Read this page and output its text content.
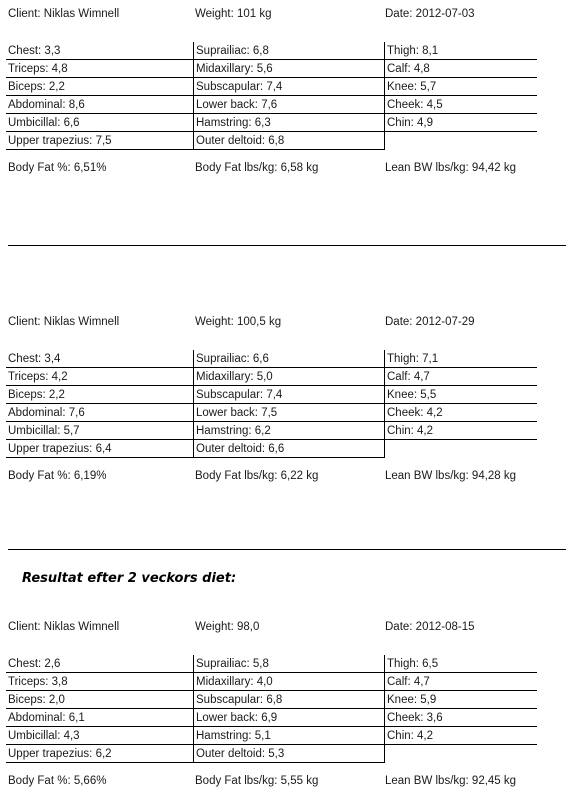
Client: Niklas Wimnell	Weight: 101 kg	Date: 2012-07-03
Chest: 3,3	Suprailiac: 6,8	Thigh: 8,1
Triceps: 4,8	Midaxillary: 5,6	Calf: 4,8
Biceps: 2,2	Subscapular: 7,4	Knee: 5,7
Abdominal: 8,6	Lower back: 7,6	Cheek: 4,5
Umbicillal: 6,6	Hamstring: 6,3	Chin: 4,9
Upper trapezius: 7,5	Outer deltoid: 6,8	
Body Fat %: 6,51%	Body Fat lbs/kg: 6,58 kg	Lean BW lbs/kg: 94,42 kg
Client: Niklas Wimnell	Weight: 100,5 kg	Date: 2012-07-29
Chest: 3,4	Suprailiac: 6,6	Thigh: 7,1
Triceps: 4,2	Midaxillary: 5,0	Calf: 4,7
Biceps: 2,2	Subscapular: 7,4	Knee: 5,5
Abdominal: 7,6	Lower back: 7,5	Cheek: 4,2
Umbicillal: 5,7	Hamstring: 6,2	Chin: 4,2
Upper trapezius: 6,4	Outer deltoid: 6,6	
Body Fat %: 6,19%	Body Fat lbs/kg: 6,22 kg	Lean BW lbs/kg: 94,28 kg
Resultat efter 2 veckors diet:
Client: Niklas Wimnell	Weight: 98,0	Date: 2012-08-15
Chest: 2,6	Suprailiac: 5,8	Thigh: 6,5
Triceps: 3,8	Midaxillary: 4,0	Calf: 4,7
Biceps: 2,0	Subscapular: 6,8	Knee: 5,9
Abdominal: 6,1	Lower back: 6,9	Cheek: 3,6
Umbicillal: 4,3	Hamstring: 5,1	Chin: 4,2
Upper trapezius: 6,2	Outer deltoid: 5,3	
Body Fat %: 5,66%	Body Fat lbs/kg: 5,55 kg	Lean BW lbs/kg: 92,45 kg
